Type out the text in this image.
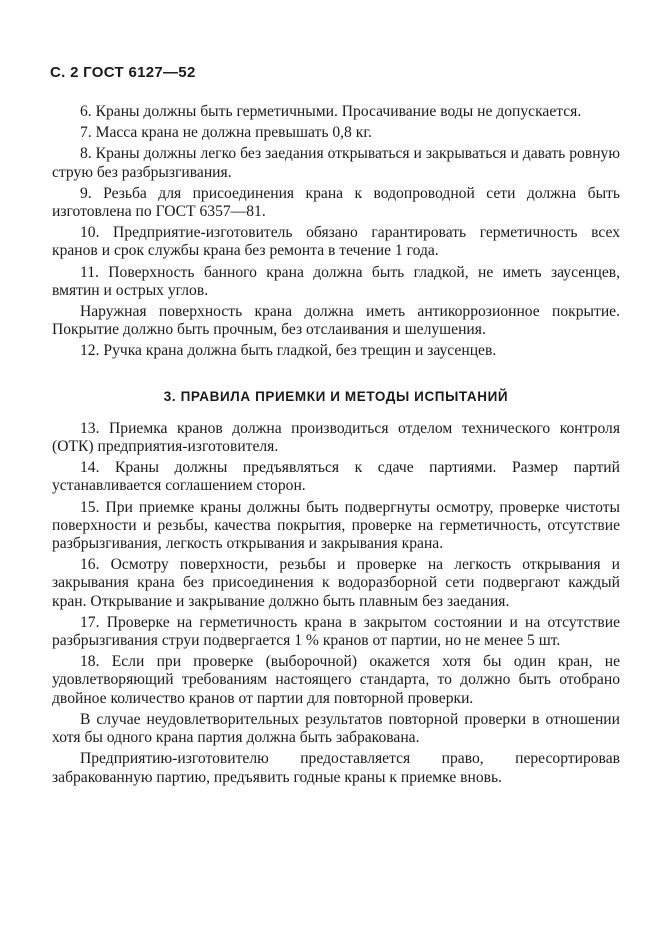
С. 2 ГОСТ 6127—52

6. Краны должны быть герметичными. Просачивание воды не допускается.

7. Масса крана не должна превышать 0,8 кг.

8. Краны должны легко без заедания открываться и закрываться и давать ровную струю без разбрызгивания.

9. Резьба для присоединения крана к водопроводной сети должна быть изготовлена по ГОСТ 6357—81.

10. Предприятие-изготовитель обязано гарантировать герметичность всех кранов и срок службы крана без ремонта в течение 1 года.

11. Поверхность банного крана должна быть гладкой, не иметь заусенцев, вмятин и острых углов.

Наружная поверхность крана должна иметь антикоррозионное покрытие. Покрытие должно быть прочным, без отслаивания и шелушения.

12. Ручка крана должна быть гладкой, без трещин и заусенцев.

3. ПРАВИЛА ПРИЕМКИ И МЕТОДЫ ИСПЫТАНИЙ

13. Приемка кранов должна производиться отделом технического контроля (ОТК) предприятия-изготовителя.

14. Краны должны предъявляться к сдаче партиями. Размер партий устанавливается соглашением сторон.

15. При приемке краны должны быть подвергнуты осмотру, проверке чистоты поверхности и резьбы, качества покрытия, проверке на герметичность, отсутствие разбрызгивания, легкость открывания и закрывания крана.

16. Осмотру поверхности, резьбы и проверке на легкость открывания и закрывания крана без присоединения к водоразборной сети подвергают каждый кран. Открывание и закрывание должно быть плавным без заедания.

17. Проверке на герметичность крана в закрытом состоянии и на отсутствие разбрызгивания струи подвергается 1 % кранов от партии, но не менее 5 шт.

18. Если при проверке (выборочной) окажется хотя бы один кран, не удовлетворяющий требованиям настоящего стандарта, то должно быть отобрано двойное количество кранов от партии для повторной проверки.

В случае неудовлетворительных результатов повторной проверки в отношении хотя бы одного крана партия должна быть забракована.

Предприятию-изготовителю предоставляется право, пересортировав забракованную партию, предъявить годные краны к приемке вновь.
